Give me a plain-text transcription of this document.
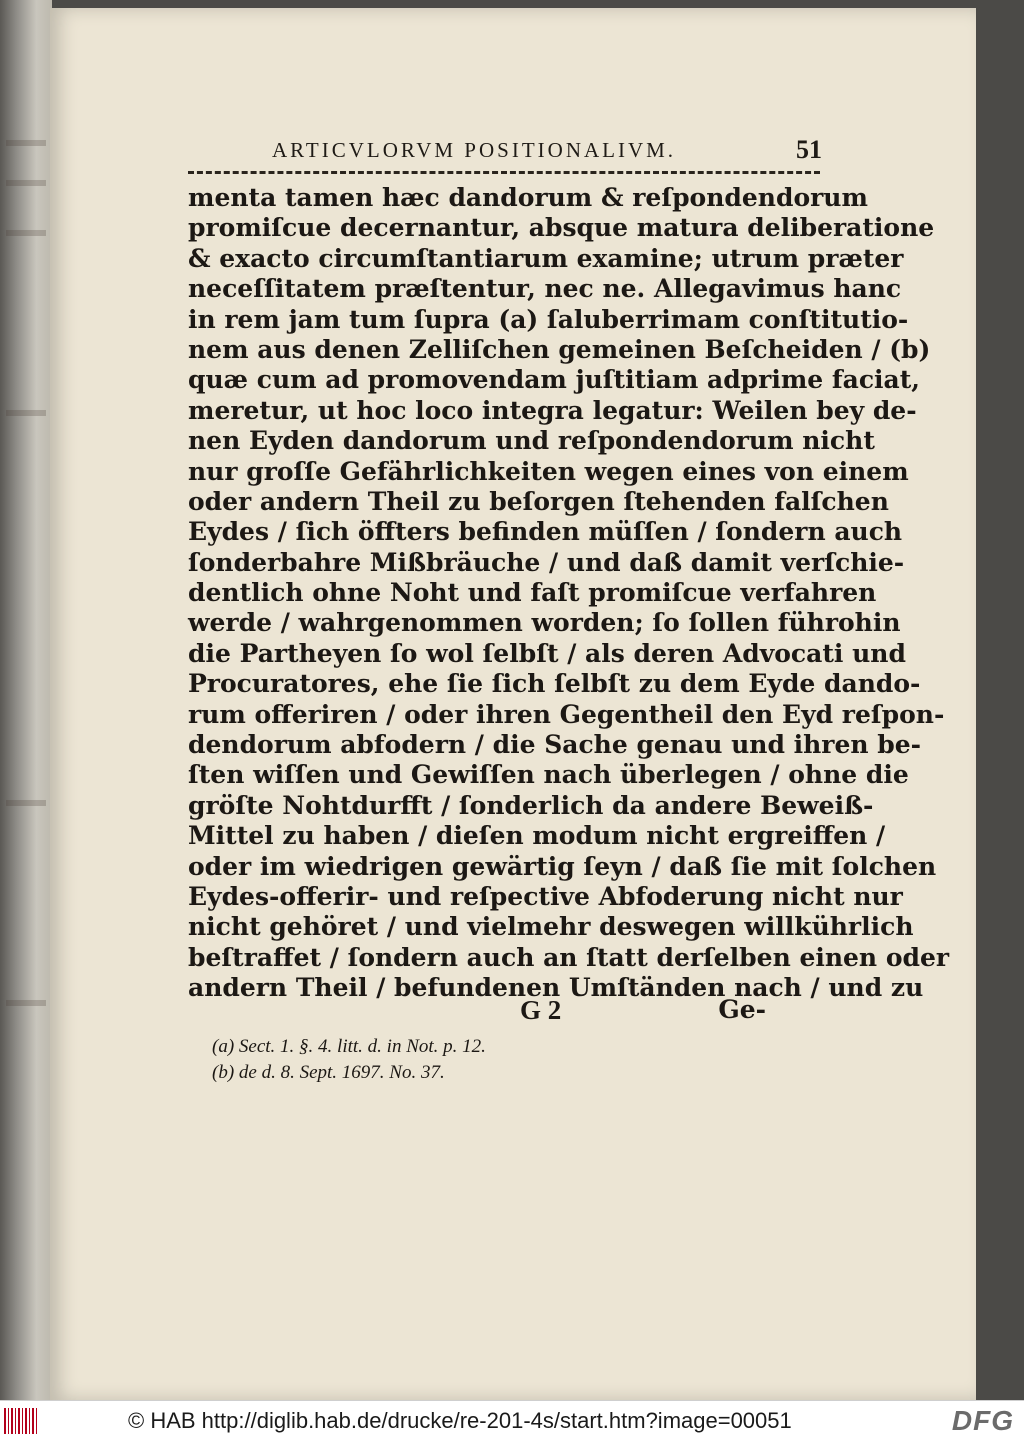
ARTICVLORVM POSITIONALIVM.	51
menta tamen hæc dandorum & reſpondendorum
promiſcue decernantur, absque matura deliberatione
& exacto circumſtantiarum examine; utrum præter
neceſſitatem præſtentur, nec ne. Allegavimus hanc
in rem jam tum ſupra (a) ſaluberrimam conſtitutio-
nem aus denen Zelliſchen gemeinen Beſcheiden / (b)
quæ cum ad promovendam juſtitiam adprime faciat,
meretur, ut hoc loco integra legatur: Weilen bey de-
nen Eyden dandorum und reſpondendorum nicht
nur groſſe Gefährlichkeiten wegen eines von einem
oder andern Theil zu beſorgen ſtehenden falſchen
Eydes / ſich öffters befinden müſſen / ſondern auch
ſonderbahre Mißbräuche / und daß damit verſchie-
dentlich ohne Noht und faſt promiſcue verfahren
werde / wahrgenommen worden; ſo ſollen führohin
die Partheyen ſo wol ſelbſt / als deren Advocati und
Procuratores, ehe ſie ſich ſelbſt zu dem Eyde dando-
rum offeriren / oder ihren Gegentheil den Eyd reſpon-
dendorum abfodern / die Sache genau und ihren be-
ſten wiſſen und Gewiſſen nach überlegen / ohne die
gröſte Nohtdurfft / ſonderlich da andere Beweiß-
Mittel zu haben / dieſen modum nicht ergreiffen /
oder im wiedrigen gewärtig ſeyn / daß ſie mit ſolchen
Eydes-offerir- und reſpective Abfoderung nicht nur
nicht gehöret / und vielmehr deswegen willkührlich
beſtraffet / ſondern auch an ſtatt derſelben einen oder
andern Theil / befundenen Umſtänden nach / und zu
G 2	Ge-
(a) Sect. 1. §. 4. litt. d. in Not. p. 12.
(b) de d. 8. Sept. 1697. No. 37.
© HAB http://diglib.hab.de/drucke/re-201-4s/start.htm?image=00051	DFG
